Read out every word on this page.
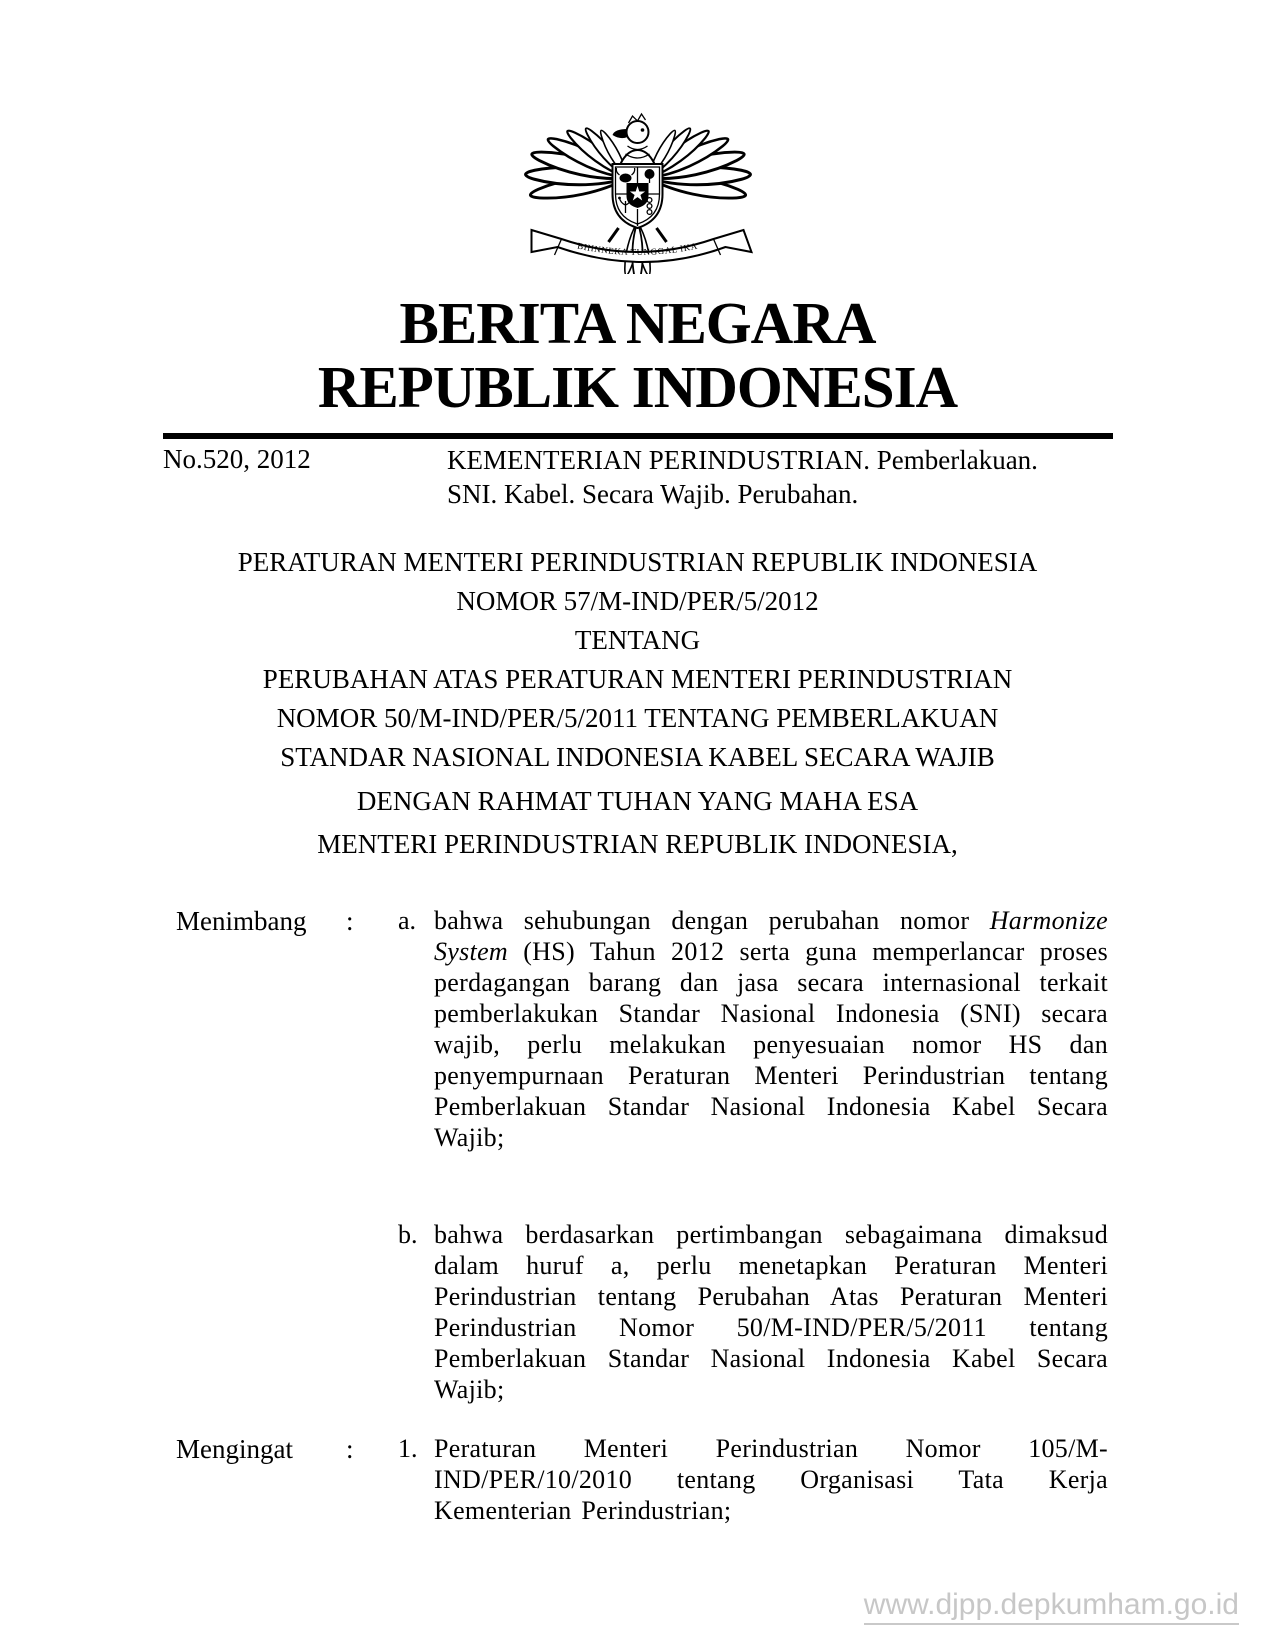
BHINNEKA TUNGGAL IKA
BERITA NEGARA
REPUBLIK INDONESIA
No.520, 2012	KEMENTERIAN PERINDUSTRIAN. Pemberlakuan.
SNI. Kabel. Secara Wajib. Perubahan.
PERATURAN MENTERI PERINDUSTRIAN REPUBLIK INDONESIA
NOMOR 57/M-IND/PER/5/2012
TENTANG
PERUBAHAN ATAS PERATURAN MENTERI PERINDUSTRIAN
NOMOR 50/M-IND/PER/5/2011 TENTANG PEMBERLAKUAN
STANDAR NASIONAL INDONESIA KABEL SECARA WAJIB
DENGAN RAHMAT TUHAN YANG MAHA ESA
MENTERI PERINDUSTRIAN REPUBLIK INDONESIA,
Menimbang : a. bahwa sehubungan dengan perubahan nomor Harmonize System (HS) Tahun 2012 serta guna memperlancar proses perdagangan barang dan jasa secara internasional terkait pemberlakukan Standar Nasional Indonesia (SNI) secara wajib, perlu melakukan penyesuaian nomor HS dan penyempurnaan Peraturan Menteri Perindustrian tentang Pemberlakuan Standar Nasional Indonesia Kabel Secara Wajib;
b. bahwa berdasarkan pertimbangan sebagaimana dimaksud dalam huruf a, perlu menetapkan Peraturan Menteri Perindustrian tentang Perubahan Atas Peraturan Menteri Perindustrian Nomor 50/M-IND/PER/5/2011 tentang Pemberlakuan Standar Nasional Indonesia Kabel Secara Wajib;
Mengingat : 1. Peraturan Menteri Perindustrian Nomor 105/M-IND/PER/10/2010 tentang Organisasi Tata Kerja Kementerian Perindustrian;
www.djpp.depkumham.go.id
